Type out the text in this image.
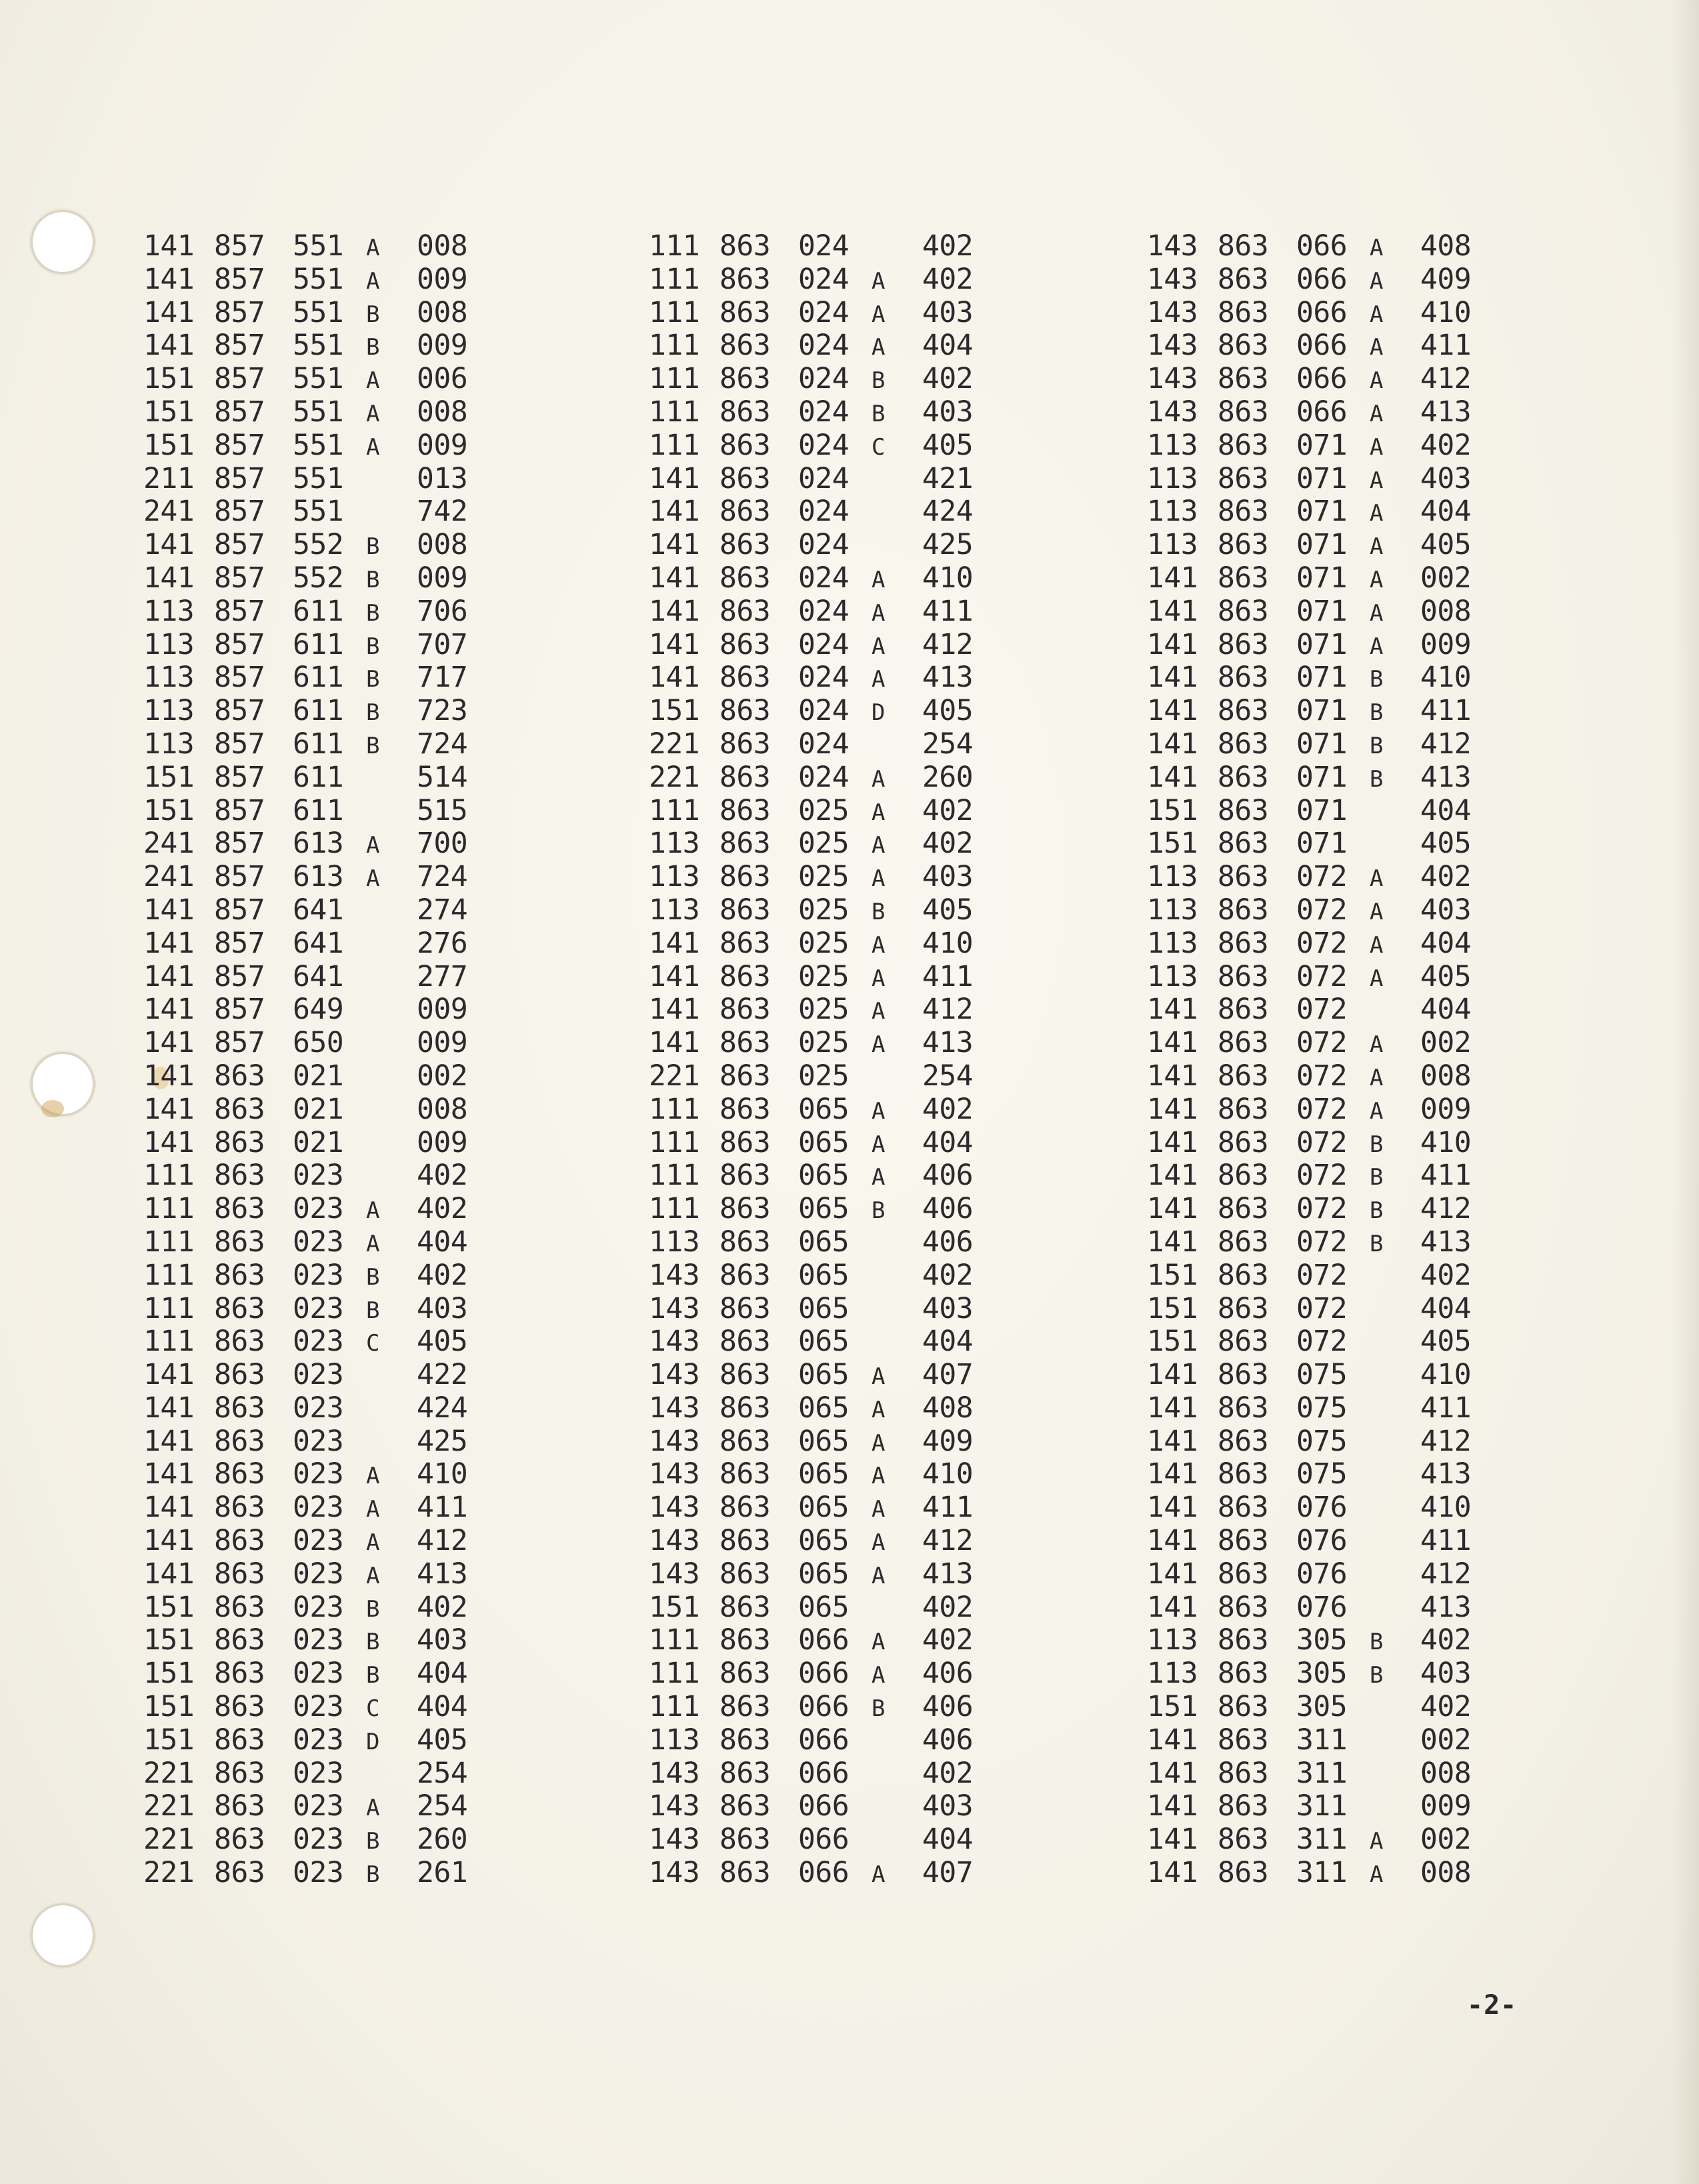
141 857 551 A 008
141 857 551 A 009
141 857 551 B 008
141 857 551 B 009
151 857 551 A 006
151 857 551 A 008
151 857 551 A 009
211 857 551	013
241 857 551	742
141 857 552 B 008
141 857 552 B 009
113 857 611 B 706
113 857 611 B 707
113 857 611 B 717
113 857 611 B 723
113 857 611 B 724
151 857 611	514
151 857 611	515
241 857 613 A 700
241 857 613 A 724
141 857 641	274
141 857 641	276
141 857 641	277
141 857 649	009
141 857 650	009
141 863 021	002
141 863 021	008
141 863 021	009
111 863 023	402
111 863 023 A 402
111 863 023 A 404
111 863 023 B 402
111 863 023 B 403
111 863 023 C 405
141 863 023	422
141 863 023	424
141 863 023	425
141 863 023 A 410
141 863 023 A 411
141 863 023 A 412
141 863 023 A 413
151 863 023 B 402
151 863 023 B 403
151 863 023 B 404
151 863 023 C 404
151 863 023 D 405
221 863 023	254
221 863 023 A 254
221 863 023 B 260
221 863 023 B 261
111 863 024	402
111 863 024 A 402
111 863 024 A 403
111 863 024 A 404
111 863 024 B 402
111 863 024 B 403
111 863 024 C 405
141 863 024	421
141 863 024	424
141 863 024	425
141 863 024 A 410
141 863 024 A 411
141 863 024 A 412
141 863 024 A 413
151 863 024 D 405
221 863 024	254
221 863 024 A 260
111 863 025 A 402
113 863 025 A 402
113 863 025 A 403
113 863 025 B 405
141 863 025 A 410
141 863 025 A 411
141 863 025 A 412
141 863 025 A 413
221 863 025	254
111 863 065 A 402
111 863 065 A 404
111 863 065 A 406
111 863 065 B 406
113 863 065	406
143 863 065	402
143 863 065	403
143 863 065	404
143 863 065 A 407
143 863 065 A 408
143 863 065 A 409
143 863 065 A 410
143 863 065 A 411
143 863 065 A 412
143 863 065 A 413
151 863 065	402
111 863 066 A 402
111 863 066 A 406
111 863 066 B 406
113 863 066	406
143 863 066	402
143 863 066	403
143 863 066	404
143 863 066 A 407
143 863 066 A 408
143 863 066 A 409
143 863 066 A 410
143 863 066 A 411
143 863 066 A 412
143 863 066 A 413
113 863 071 A 402
113 863 071 A 403
113 863 071 A 404
113 863 071 A 405
141 863 071 A 002
141 863 071 A 008
141 863 071 A 009
141 863 071 B 410
141 863 071 B 411
141 863 071 B 412
141 863 071 B 413
151 863 071	404
151 863 071	405
113 863 072 A 402
113 863 072 A 403
113 863 072 A 404
113 863 072 A 405
141 863 072	404
141 863 072 A 002
141 863 072 A 008
141 863 072 A 009
141 863 072 B 410
141 863 072 B 411
141 863 072 B 412
141 863 072 B 413
151 863 072	402
151 863 072	404
151 863 072	405
141 863 075	410
141 863 075	411
141 863 075	412
141 863 075	413
141 863 076	410
141 863 076	411
141 863 076	412
141 863 076	413
113 863 305 B 402
113 863 305 B 403
151 863 305	402
141 863 311	002
141 863 311	008
141 863 311	009
141 863 311 A 002
141 863 311 A 008
-2-
